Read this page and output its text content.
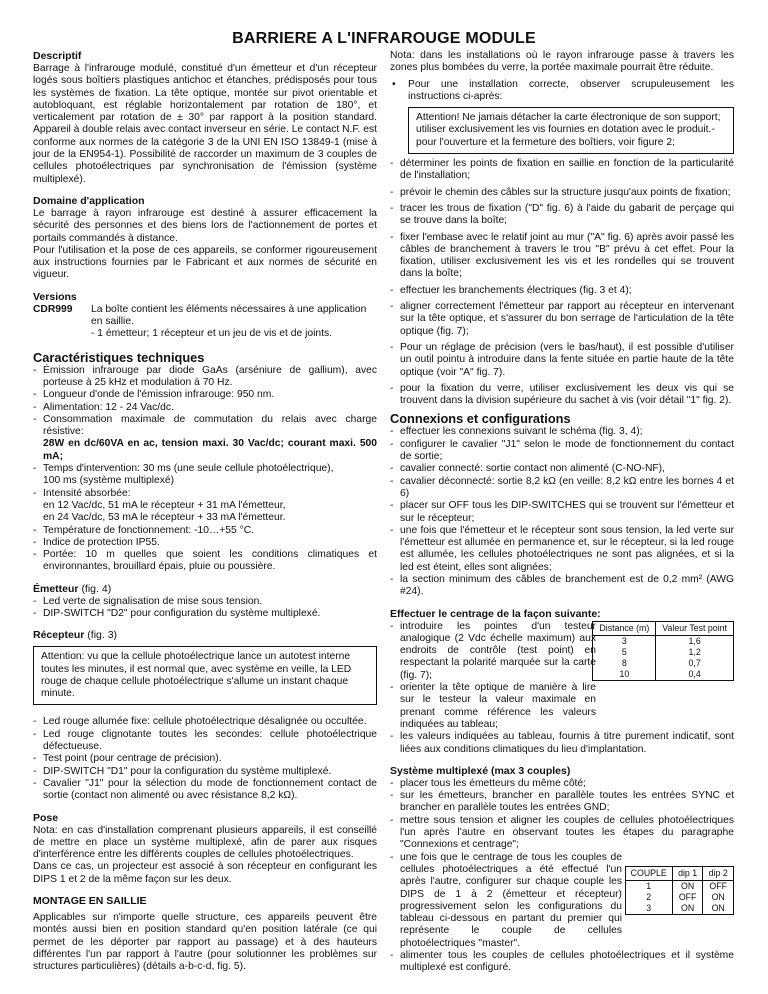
BARRIERE A L'INFRAROUGE MODULE
Descriptif

Barrage à l'infrarouge modulé, constitué d'un émetteur et d'un récepteur logés sous boîtiers plastiques antichoc et étanches, prédisposés pour tous les systèmes de fixation. La tête optique, montée sur pivot orientable et autobloquant, est réglable horizontalement par rotation de 180°, et verticalement par rotation de ± 30° par rapport à la position standard. Appareil à double relais avec contact inverseur en série. Le contact N.F. est conforme aux normes de la catégorie 3 de la UNI EN ISO 13849-1 (mise à jour de la EN954-1). Possibilité de raccorder un maximum de 3 couples de cellules photoélectriques par synchronisation de l'émission (système multiplexé).

Domaine d'application

Le barrage à rayon infrarouge est destiné à assurer efficacement la sécurité des personnes et des biens lors de l'actionnement de portes et portails commandés à distance.

Pour l'utilisation et la pose de ces appareils, se conformer rigoureusement aux instructions fournies par le Fabricant et aux normes de sécurité en vigueur.

Versions
CDR999	La boîte contient les éléments nécessaires à une application en saillie.
- 1 émetteur; 1 récepteur et un jeu de vis et de joints.
Caractéristiques techniques
- Émission infrarouge par diode GaAs (arséniure de gallium), avec porteuse à 25 kHz et modulation à 70 Hz.
- Longueur d'onde de l'émission infrarouge: 950 nm.
- Alimentation: 12 - 24 Vac/dc.
- Consommation maximale de commutation du relais avec charge résistive:
28W en dc/60VA en ac, tension maxi. 30 Vac/dc; courant maxi. 500 mA;
- Temps d'intervention: 30 ms (une seule cellule photoélectrique),
100 ms (système multiplexé)
- Intensité absorbée:
en 12 Vac/dc, 51 mA le récepteur + 31 mA l'émetteur,
en 24 Vac/dc, 53 mA le récepteur + 33 mA l'émetteur.
- Température de fonctionnement: -10…+55 °C.
- Indice de protection IP55.
- Portée: 10 m quelles que soient les conditions climatiques et environnantes, brouillard épais, pluie ou poussière.
Émetteur (fig. 4)
- Led verte de signalisation de mise sous tension.
- DIP-SWITCH "D2" pour configuration du système multiplexé.
Récepteur (fig. 3)
Attention: vu que la cellule photoélectrique lance un autotest interne toutes les minutes, il est normal que, avec système en veille, la LED rouge de chaque cellule photoélectrique s'allume un instant chaque minute.
- Led rouge allumée fixe: cellule photoélectrique désalignée ou occultée.
- Led rouge clignotante toutes les secondes: cellule photoélectrique défectueuse.
- Test point (pour centrage de précision).
- DIP-SWITCH "D1" pour la configuration du système multiplexé.
- Cavalier "J1" pour la sélection du mode de fonctionnement contact de sortie (contact non alimenté ou avec résistance 8,2 kΩ).
Pose

Nota: en cas d'installation comprenant plusieurs appareils, il est conseillé de mettre en place un système multiplexé, afin de parer aux risques d'interférence entre les différents couples de cellules photoélectriques.

Dans ce cas, un projecteur est associé à son récepteur en configurant les DIPS 1 et 2 de la même façon sur les deux.

MONTAGE EN SAILLIE

Applicables sur n'importe quelle structure, ces appareils peuvent être montés aussi bien en position standard qu'en position latérale (ce qui permet de les déporter par rapport au passage) et à des hauteurs différentes l'un par rapport à l'autre (pour solutionner les problèmes sur structures particulières) (détails a-b-c-d, fig. 5).

Nota: dans les installations où le rayon infrarouge passe à travers les zones plus bombées du verre, la portée maximale pourrait être réduite.

• Pour une installation correcte, observer scrupuleusement les instructions ci-après:
Attention! Ne jamais détacher la carte électronique de son support; utiliser exclusivement les vis fournies en dotation avec le produit.- pour l'ouverture et la fermeture des boîtiers, voir figure 2;
- déterminer les points de fixation en saillie en fonction de la particularité de l'installation;
- prévoir le chemin des câbles sur la structure jusqu'aux points de fixation;
- tracer les trous de fixation ("D" fig. 6) à l'aide du gabarit de perçage qui se trouve dans la boîte;
- fixer l'embase avec le relatif joint au mur ("A" fig. 6) après avoir passé les câbles de branchement à travers le trou "B" prévu à cet effet. Pour la fixation, utiliser exclusivement les vis et les rondelles qui se trouvent dans la boîte;
- effectuer les branchements électriques (fig. 3 et 4);
- aligner correctement l'émetteur par rapport au récepteur en intervenant sur la tête optique, et s'assurer du bon serrage de l'articulation de la tête optique (fig. 7);
- Pour un réglage de précision (vers le bas/haut), il est possible d'utiliser un outil pointu à introduire dans la fente située en partie haute de la tête optique (voir "A" fig. 7).
- pour la fixation du verre, utiliser exclusivement les deux vis qui se trouvent dans la division supérieure du sachet à vis (voir détail "1" fig. 2).
Connexions et configurations
- effectuer les connexions suivant le schéma (fig. 3, 4);
- configurer le cavalier "J1" selon le mode de fonctionnement du contact de sortie;
- cavalier connecté: sortie contact non alimenté (C-NO-NF),
- cavalier déconnecté: sortie 8,2 kΩ (en veille: 8,2 kΩ entre les bornes 4 et 6)
- placer sur OFF tous les DIP-SWITCHES qui se trouvent sur l'émetteur et sur le récepteur;
- une fois que l'émetteur et le récepteur sont sous tension, la led verte sur l'émetteur est allumée en permanence et, sur le récepteur, si la led rouge est allumée, les cellules photoélectriques ne sont pas alignées, et si la led est éteint, elles sont alignées;
- la section minimum des câbles de branchement est de 0,2 mm² (AWG #24).
Effectuer le centrage de la façon suivante:
Distance (m)	Valeur Test point
3	1,6
5	1,2
8	0,7
10	0,4
- introduire les pointes d'un testeur analogique (2 Vdc échelle maximum) aux endroits de contrôle (test point) en respectant la polarité marquée sur la carte (fig. 7);
- orienter la tête optique de manière à lire sur le testeur la valeur maximale en prenant comme référence les valeurs indiquées au tableau;
- les valeurs indiquées au tableau, fournis à titre purement indicatif, sont liées aux conditions climatiques du lieu d'implantation.
Système multiplexé (max 3 couples)
- placer tous les émetteurs du même côté;
- sur les émetteurs, brancher en parallèle toutes les entrées SYNC et brancher en parallèle toutes les entrées GND;
- mettre sous tension et aligner les couples de cellules photoélectriques l'un après l'autre en observant toutes les étapes du paragraphe "Connexions et centrage";
COUPLE	dip 1	dip 2
1	ON	OFF
2	OFF	ON
3	ON	ON
- une fois que le centrage de tous les couples de cellules photoélectriques a été effectué l'un après l'autre, configurer sur chaque couple les DIPS de 1 à 2 (émetteur et récepteur) progressivement selon les configurations du tableau ci-dessous en partant du premier qui représente le couple de cellules photoélectriques "master".
- alimenter tous les couples de cellules photoélectriques et il système multiplexé est configuré.
